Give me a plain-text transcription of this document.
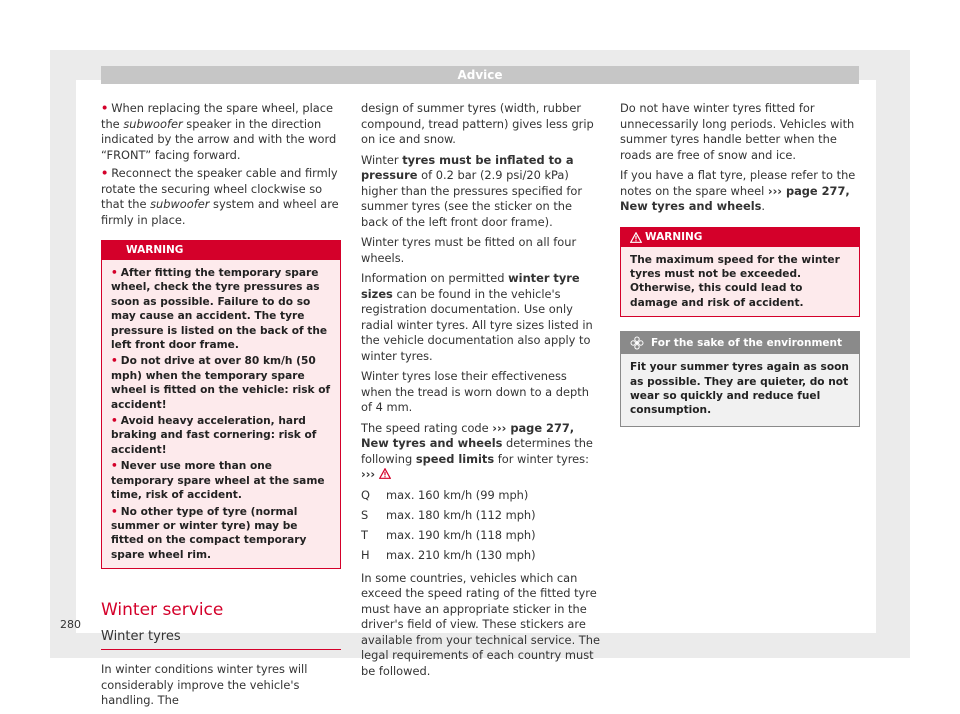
Advice
• When replacing the spare wheel, place the subwoofer speaker in the direction indicated by the arrow and with the word “FRONT” facing forward.
• Reconnect the speaker cable and firmly rotate the securing wheel clockwise so that the subwoofer system and wheel are firmly in place.
WARNING
• After fitting the temporary spare wheel, check the tyre pressures as soon as possible. Failure to do so may cause an accident. The tyre pressure is listed on the back of the left front door frame.
• Do not drive at over 80 km/h (50 mph) when the temporary spare wheel is fitted on the vehicle: risk of accident!
• Avoid heavy acceleration, hard braking and fast cornering: risk of accident!
• Never use more than one temporary spare wheel at the same time, risk of accident.
• No other type of tyre (normal summer or winter tyre) may be fitted on the compact temporary spare wheel rim.
Winter service
Winter tyres

In winter conditions winter tyres will considerably improve the vehicle's handling. The

design of summer tyres (width, rubber compound, tread pattern) gives less grip on ice and snow.

Winter tyres must be inflated to a pressure of 0.2 bar (2.9 psi/20 kPa) higher than the pressures specified for summer tyres (see the sticker on the back of the left front door frame).

Winter tyres must be fitted on all four wheels.

Information on permitted winter tyre sizes can be found in the vehicle's registration documentation. Use only radial winter tyres. All tyre sizes listed in the vehicle documentation also apply to winter tyres.

Winter tyres lose their effectiveness when the tread is worn down to a depth of 4 mm.

The speed rating code ››› page 277, New tyres and wheels determines the following speed limits for winter tyres: ›››

Q	max. 160 km/h (99 mph)
S	max. 180 km/h (112 mph)
T	max. 190 km/h (118 mph)
H	max. 210 km/h (130 mph)

In some countries, vehicles which can exceed the speed rating of the fitted tyre must have an appropriate sticker in the driver's field of view. These stickers are available from your technical service. The legal requirements of each country must be followed.

Do not have winter tyres fitted for unnecessarily long periods. Vehicles with summer tyres handle better when the roads are free of snow and ice.

If you have a flat tyre, please refer to the notes on the spare wheel ››› page 277, New tyres and wheels.

WARNING
The maximum speed for the winter tyres must not be exceeded. Otherwise, this could lead to damage and risk of accident.
For the sake of the environment
Fit your summer tyres again as soon as possible. They are quieter, do not wear so quickly and reduce fuel consumption.
280
